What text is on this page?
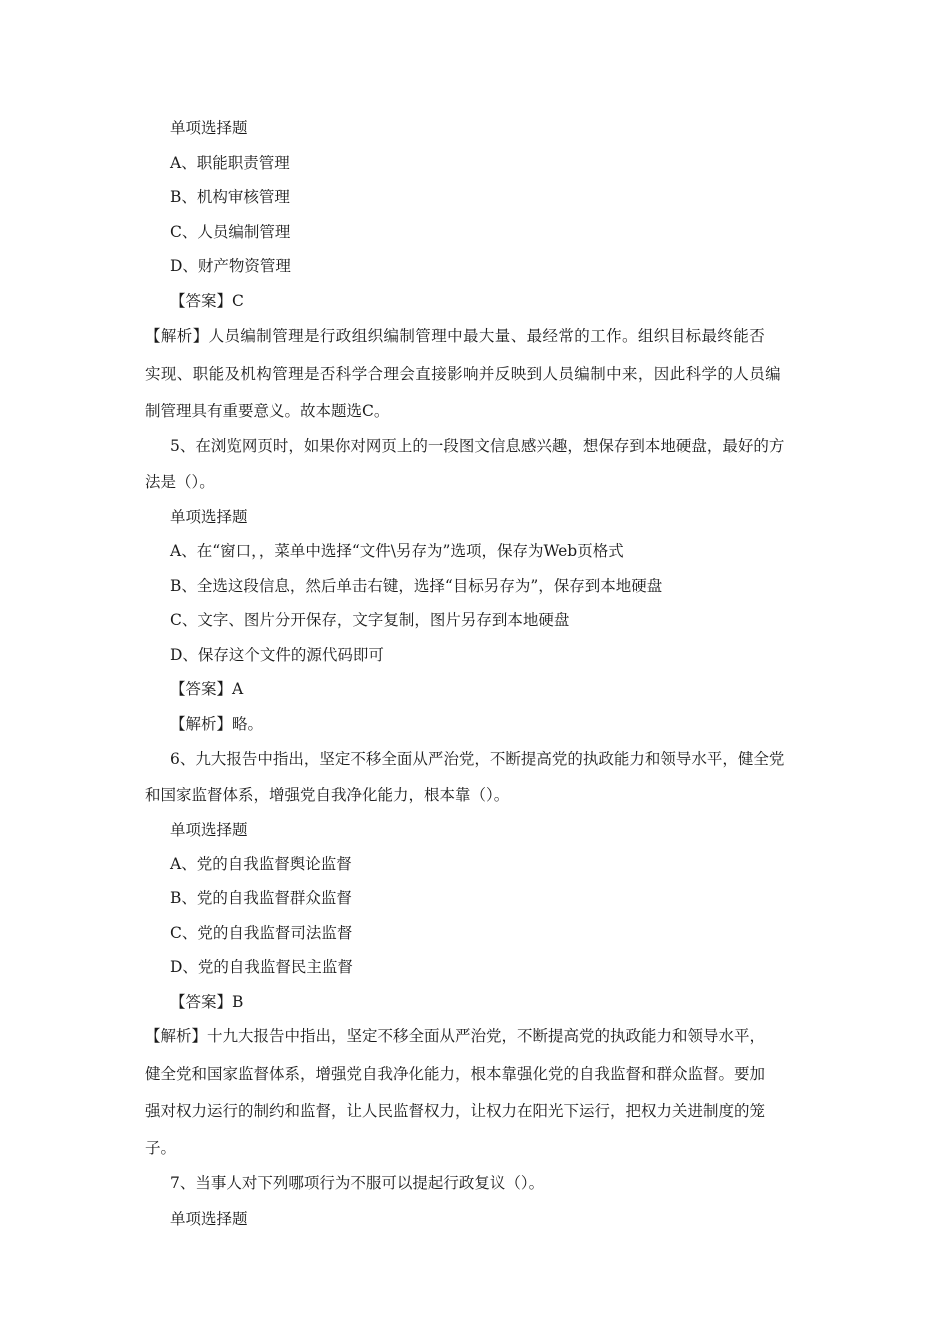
单项选择题
A、职能职责管理
B、机构审核管理
C、人员编制管理
D、财产物资管理
【答案】C
【解析】人员编制管理是行政组织编制管理中最大量、最经常的工作。组织目标最终能否
实现、职能及机构管理是否科学合理会直接影响并反映到人员编制中来，因此科学的人员编
制管理具有重要意义。故本题选C。
5、在浏览网页时，如果你对网页上的一段图文信息感兴趣，想保存到本地硬盘，最好的方
法是（）。
单项选择题
A、在“窗口，，菜单中选择“文件\另存为”选项，保存为Web页格式
B、全选这段信息，然后单击右键，选择“目标另存为”，保存到本地硬盘
C、文字、图片分开保存，文字复制，图片另存到本地硬盘
D、保存这个文件的源代码即可
【答案】A
【解析】略。
6、九大报告中指出，坚定不移全面从严治党，不断提高党的执政能力和领导水平，健全党
和国家监督体系，增强党自我净化能力，根本靠（）。
单项选择题
A、党的自我监督舆论监督
B、党的自我监督群众监督
C、党的自我监督司法监督
D、党的自我监督民主监督
【答案】B
【解析】十九大报告中指出，坚定不移全面从严治党，不断提高党的执政能力和领导水平，
健全党和国家监督体系，增强党自我净化能力，根本靠强化党的自我监督和群众监督。要加
强对权力运行的制约和监督，让人民监督权力，让权力在阳光下运行，把权力关进制度的笼
子。
7、当事人对下列哪项行为不服可以提起行政复议（）。
单项选择题
